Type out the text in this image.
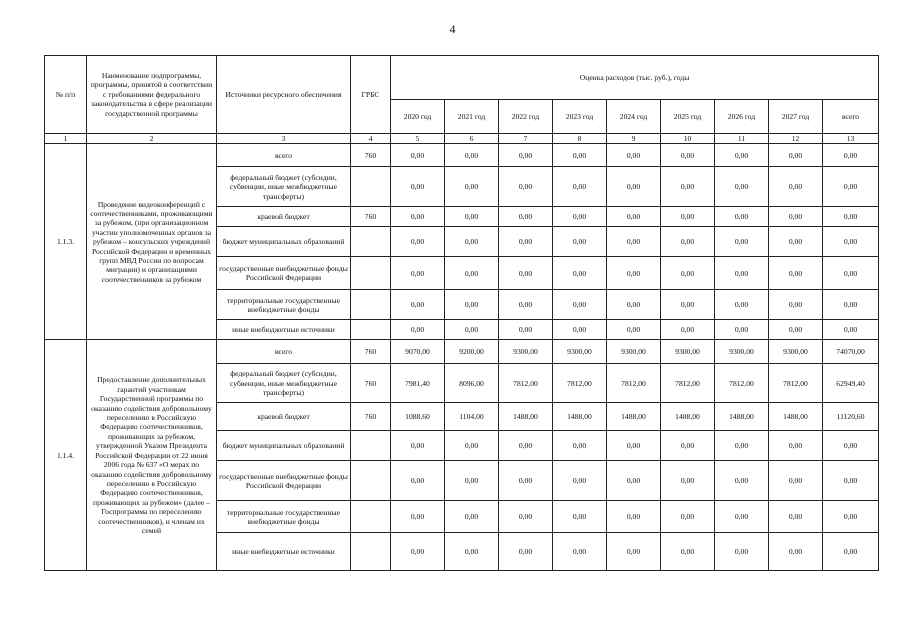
4
№ п/п	Наименование подпрограммы, программы, принятой в соответствии с требованиями федерального законодательства в сфере реализации государственной программы	Источники ресурсного обеспечения	ГРБС	Оценка расходов (тыс. руб.), годы								
				2020 год	2021 год	2022 год	2023 год	2024 год	2025 год	2026 год	2027 год	всего
1	2	3	4	5	6	7	8	9	10	11	12	13
1.1.3.	Проведение видеоконференций с соотечественниками, проживающими за рубежом, (при организационном участии уполномоченных органов за рубежом – консульских учреждений Российской Федерации и временных групп МВД России по вопросам миграции) и организациями соотечественников за рубежом	всего	760	0,00	0,00	0,00	0,00	0,00	0,00	0,00	0,00	0,00
		федеральный бюджет (субсидии, субвенции, иные межбюджетные трансферты)		0,00	0,00	0,00	0,00	0,00	0,00	0,00	0,00	0,00
		краевой бюджет	760	0,00	0,00	0,00	0,00	0,00	0,00	0,00	0,00	0,00
		бюджет муниципальных образований		0,00	0,00	0,00	0,00	0,00	0,00	0,00	0,00	0,00
		государственные внебюджетные фонды Российской Федерации		0,00	0,00	0,00	0,00	0,00	0,00	0,00	0,00	0,00
		территориальные государственные внебюджетные фонды		0,00	0,00	0,00	0,00	0,00	0,00	0,00	0,00	0,00
		иные внебюджетные источники		0,00	0,00	0,00	0,00	0,00	0,00	0,00	0,00	0,00
1.1.4.	Предоставление дополнительных гарантий участникам Государственной программы по оказанию содействия добровольному переселению в Российскую Федерацию соотечественников, проживающих за рубежом, утвержденной Указом Президента Российской Федерации от 22 июня 2006 года № 637 «О мерах по оказанию содействия добровольному переселению в Российскую Федерацию соотечественников, проживающих за рубежом» (далее – Госпрограмма по переселению соотечественников), и членам их семей	всего	760	9070,00	9200,00	9300,00	9300,00	9300,00	9300,00	9300,00	9300,00	74070,00
		федеральный бюджет (субсидии, субвенции, иные межбюджетные трансферты)	760	7981,40	8096,00	7812,00	7812,00	7812,00	7812,00	7812,00	7812,00	62949,40
		краевой бюджет	760	1088,60	1104,00	1488,00	1488,00	1488,00	1488,00	1488,00	1488,00	11120,60
		бюджет муниципальных образований		0,00	0,00	0,00	0,00	0,00	0,00	0,00	0,00	0,00
		государственные внебюджетные фонды Российской Федерации		0,00	0,00	0,00	0,00	0,00	0,00	0,00	0,00	0,00
		территориальные государственные внебюджетные фонды		0,00	0,00	0,00	0,00	0,00	0,00	0,00	0,00	0,00
		иные внебюджетные источники		0,00	0,00	0,00	0,00	0,00	0,00	0,00	0,00	0,00
